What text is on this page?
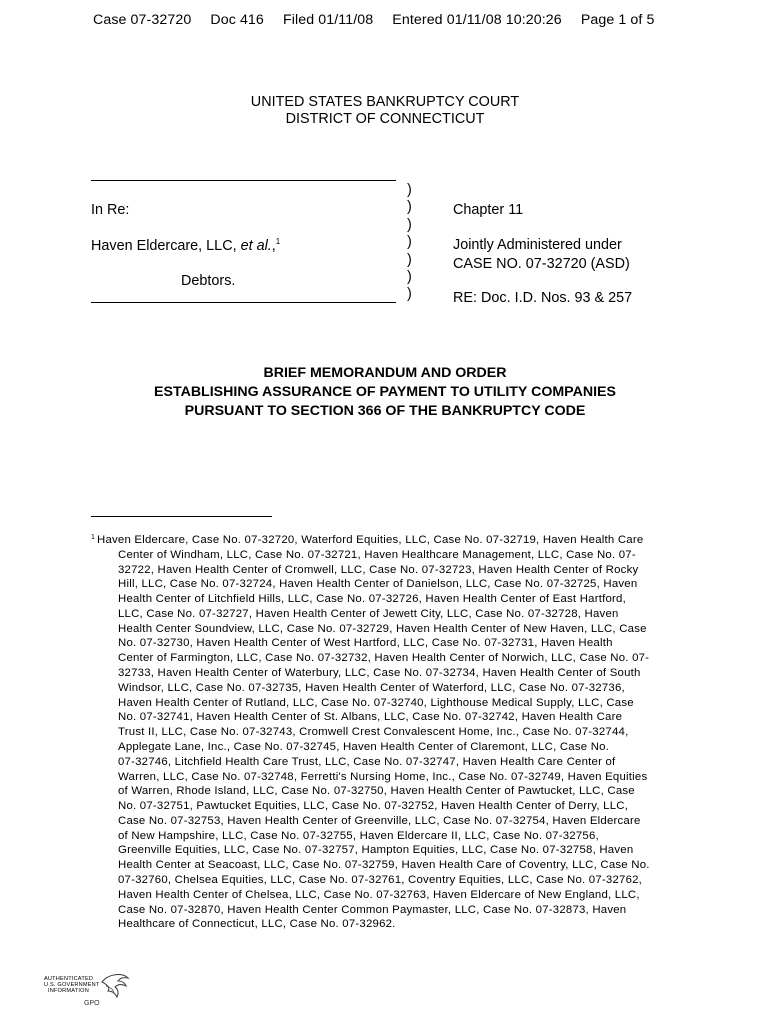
Case 07-32720 Doc 416 Filed 01/11/08 Entered 01/11/08 10:20:26 Page 1 of 5
UNITED STATES BANKRUPTCY COURT
DISTRICT OF CONNECTICUT
In Re:
Haven Eldercare, LLC, et al.,$^1$
Debtors.
)
)
)
)
)
)
)
Chapter 11
Jointly Administered under
CASE NO. 07-32720 (ASD)
RE: Doc. I.D. Nos. 93 & 257
BRIEF MEMORANDUM AND ORDER
ESTABLISHING ASSURANCE OF PAYMENT TO UTILITY COMPANIES
PURSUANT TO SECTION 366 OF THE BANKRUPTCY CODE
1 Haven Eldercare, Case No. 07-32720, Waterford Equities, LLC, Case No. 07-32719, Haven Health Care
Center of Windham, LLC, Case No. 07-32721, Haven Healthcare Management, LLC, Case No. 07-
32722, Haven Health Center of Cromwell, LLC, Case No. 07-32723, Haven Health Center of Rocky
Hill, LLC, Case No. 07-32724, Haven Health Center of Danielson, LLC, Case No. 07-32725, Haven
Health Center of Litchfield Hills, LLC, Case No. 07-32726, Haven Health Center of East Hartford,
LLC, Case No. 07-32727, Haven Health Center of Jewett City, LLC, Case No. 07-32728, Haven
Health Center Soundview, LLC, Case No. 07-32729, Haven Health Center of New Haven, LLC, Case
No. 07-32730, Haven Health Center of West Hartford, LLC, Case No. 07-32731, Haven Health
Center of Farmington, LLC, Case No. 07-32732, Haven Health Center of Norwich, LLC, Case No. 07-
32733, Haven Health Center of Waterbury, LLC, Case No. 07-32734, Haven Health Center of South
Windsor, LLC, Case No. 07-32735, Haven Health Center of Waterford, LLC, Case No. 07-32736,
Haven Health Center of Rutland, LLC, Case No. 07-32740, Lighthouse Medical Supply, LLC, Case
No. 07-32741, Haven Health Center of St. Albans, LLC, Case No. 07-32742, Haven Health Care
Trust II, LLC, Case No. 07-32743, Cromwell Crest Convalescent Home, Inc., Case No. 07-32744,
Applegate Lane, Inc., Case No. 07-32745, Haven Health Center of Claremont, LLC, Case No.
07-32746, Litchfield Health Care Trust, LLC, Case No. 07-32747, Haven Health Care Center of
Warren, LLC, Case No. 07-32748, Ferretti's Nursing Home, Inc., Case No. 07-32749, Haven Equities
of Warren, Rhode Island, LLC, Case No. 07-32750, Haven Health Center of Pawtucket, LLC, Case
No. 07-32751, Pawtucket Equities, LLC, Case No. 07-32752, Haven Health Center of Derry, LLC,
Case No. 07-32753, Haven Health Center of Greenville, LLC, Case No. 07-32754, Haven Eldercare
of New Hampshire, LLC, Case No. 07-32755, Haven Eldercare II, LLC, Case No. 07-32756,
Greenville Equities, LLC, Case No. 07-32757, Hampton Equities, LLC, Case No. 07-32758, Haven
Health Center at Seacoast, LLC, Case No. 07-32759, Haven Health Care of Coventry, LLC, Case No.
07-32760, Chelsea Equities, LLC, Case No. 07-32761, Coventry Equities, LLC, Case No. 07-32762,
Haven Health Center of Chelsea, LLC, Case No. 07-32763, Haven Eldercare of New England, LLC,
Case No. 07-32870, Haven Health Center Common Paymaster, LLC, Case No. 07-32873, Haven
Healthcare of Connecticut, LLC, Case No. 07-32962.
AUTHENTICATED
U.S. GOVERNMENT
INFORMATION
GPO
